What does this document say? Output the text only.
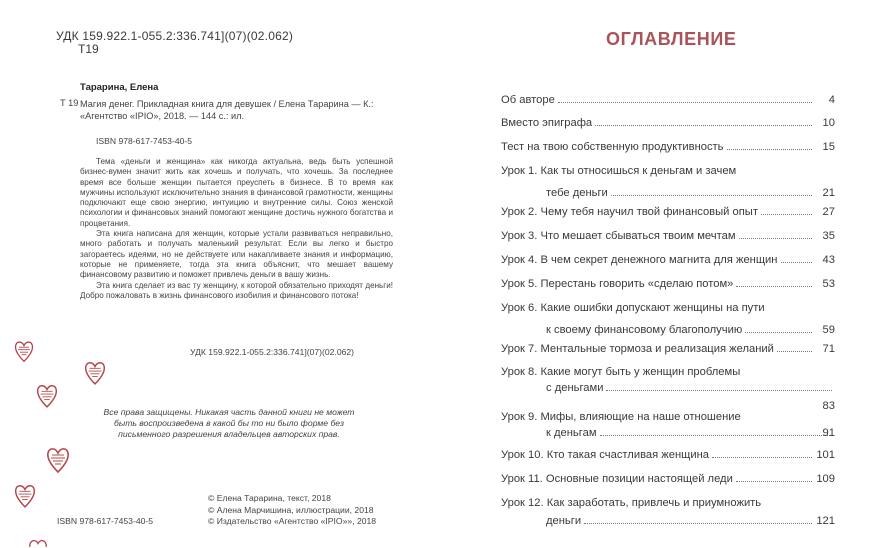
УДК 159.922.1-055.2:336.741](07)(02.062)
Т19
Тарарина, Елена
Т 19 Магия денег. Прикладная книга для девушек / Елена Тарарина — К.: «Агентство «IPIO», 2018. — 144 с.: ил.
ISBN 978-617-7453-40-5

Тема «деньги и женщина» как никогда актуальна, ведь быть успешной бизнес-вумен значит жить как хочешь и получать, что хочешь. За последнее время все больше женщин пытается преуспеть в бизнесе. В то время как мужчины используют исключительно знания в финансовой грамотности, женщины подключают еще свою энергию, интуицию и внутренние силы. Союз женской психологии и финансовых знаний помогают женщине достичь нужного богатства и процветания.

Эта книга написана для женщин, которые устали развиваться неправильно, много работать и получать маленький результат. Если вы легко и быстро загораетесь идеями, но не действуете или накапливаете знания и информацию, которые не применяете, тогда эта книга объяснит, что мешает вашему финансовому развитию и поможет привлечь деньги в вашу жизнь.

Эта книга сделает из вас ту женщину, к которой обязательно приходят деньги! Добро пожаловать в жизнь финансового изобилия и финансового потока!

УДК 159.922.1-055.2:336.741](07)(02.062)
Все права защищены. Никакая часть данной книги не может быть воспроизведена в какой бы то ни было форме без письменного разрешения владельцев авторских прав.
© Елена Тарарина, текст, 2018
© Алена Марчишина, иллюстрации, 2018
© Издательство «Агентство «IPIO»», 2018
ISBN 978-617-7453-40-5
ОГЛАВЛЕНИЕ
Об авторе	4
Вместо эпиграфа	10
Тест на твою собственную продуктивность	15
Урок 1. Как ты относишься к деньгам и зачем
тебе деньги	21
Урок 2. Чему тебя научил твой финансовый опыт	27
Урок 3. Что мешает сбываться твоим мечтам	35
Урок 4. В чем секрет денежного магнита для женщин	43
Урок 5. Перестань говорить «сделаю потом»	53
Урок 6. Какие ошибки допускают женщины на пути
к своему финансовому благополучию	59
Урок 7. Ментальные тормоза и реализация желаний	71
Урок 8. Какие могут быть у женщин проблемы
с деньгами
83
Урок 9. Мифы, влияющие на наше отношение
к деньгам	91
Урок 10. Кто такая счастливая женщина	101
Урок 11. Основные позиции настоящей леди	109
Урок 12. Как заработать, привлечь и приумножить
деньги	121
